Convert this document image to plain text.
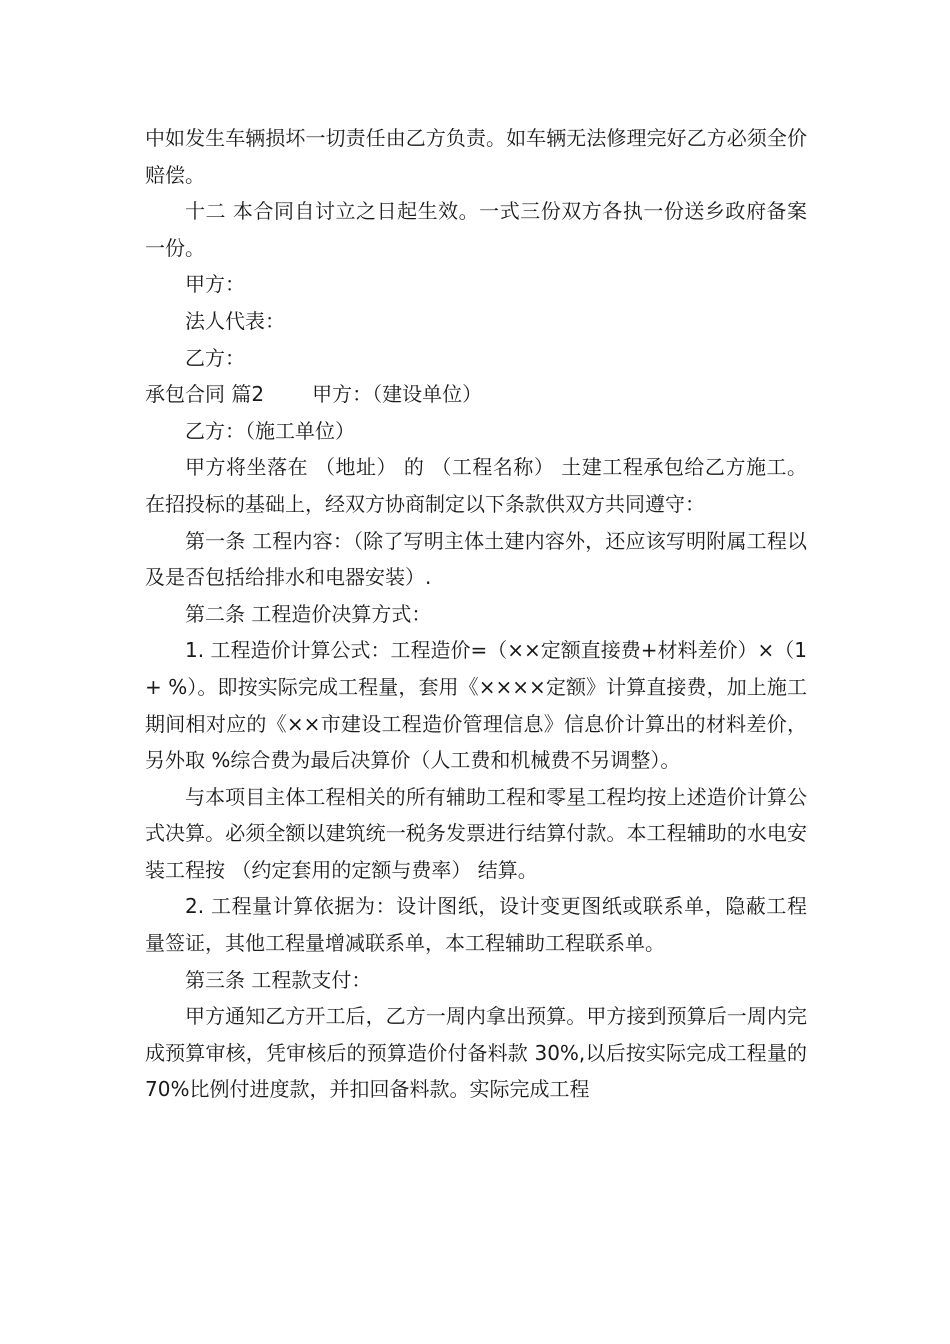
中如发生车辆损坏一切责任由乙方负责。如车辆无法修理完好乙方必须全价赔偿。

十二 本合同自讨立之日起生效。一式三份双方各执一份送乡政府备案一份。

甲方：

法人代表：

乙方：

承包合同 篇2 甲方：（建设单位）

乙方：（施工单位）

甲方将坐落在 （地址） 的 （工程名称） 土建工程承包给乙方施工。在招投标的基础上，经双方协商制定以下条款供双方共同遵守：

第一条 工程内容：（除了写明主体土建内容外，还应该写明附属工程以及是否包括给排水和电器安装）.

第二条 工程造价决算方式：

1. 工程造价计算公式：工程造价=（××定额直接费+材料差价）×（1+ %）。即按实际完成工程量，套用《××××定额》计算直接费，加上施工期间相对应的《××市建设工程造价管理信息》信息价计算出的材料差价，另外取 %综合费为最后决算价（人工费和机械费不另调整）。

与本项目主体工程相关的所有辅助工程和零星工程均按上述造价计算公式决算。必须全额以建筑统一税务发票进行结算付款。本工程辅助的水电安装工程按 （约定套用的定额与费率） 结算。

2. 工程量计算依据为：设计图纸，设计变更图纸或联系单，隐蔽工程量签证，其他工程量增减联系单，本工程辅助工程联系单。

第三条 工程款支付：

甲方通知乙方开工后，乙方一周内拿出预算。甲方接到预算后一周内完成预算审核，凭审核后的预算造价付备料款 30%,以后按实际完成工程量的 70%比例付进度款，并扣回备料款。实际完成工程
